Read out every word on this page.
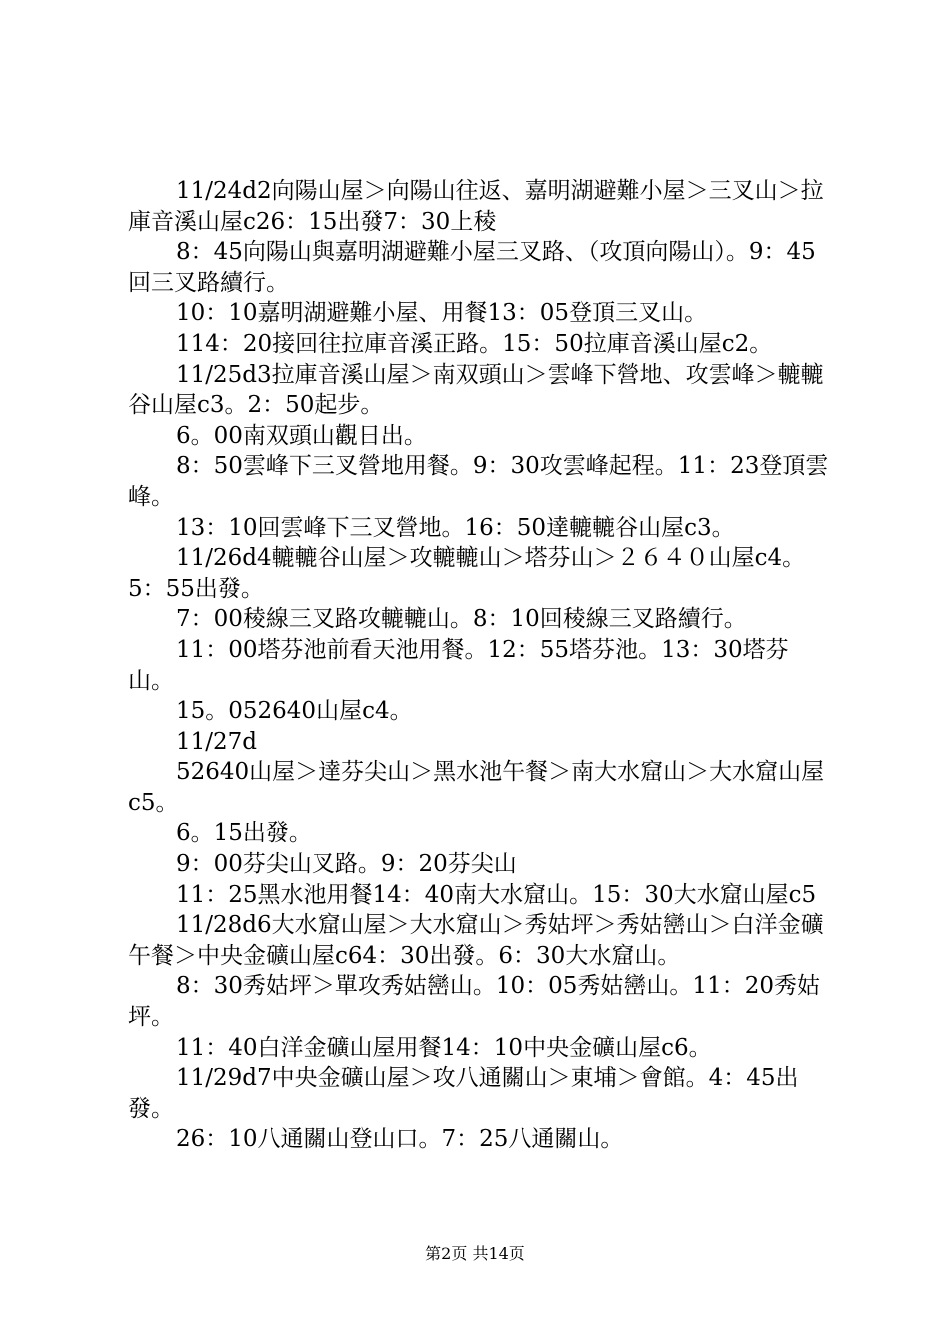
11/24d2向陽山屋＞向陽山往返、嘉明湖避難小屋＞三叉山＞拉庫音溪山屋c26：15出發7：30上稜

8：45向陽山與嘉明湖避難小屋三叉路、（攻頂向陽山）。9：45回三叉路續行。

10：10嘉明湖避難小屋、用餐13：05登頂三叉山。

114：20接回往拉庫音溪正路。15：50拉庫音溪山屋c2。

11/25d3拉庫音溪山屋＞南双頭山＞雲峰下營地、攻雲峰＞轆轆谷山屋c3。2：50起步。

6。00南双頭山觀日出。

8：50雲峰下三叉營地用餐。9：30攻雲峰起程。11：23登頂雲峰。

13：10回雲峰下三叉營地。16：50達轆轆谷山屋c3。

11/26d4轆轆谷山屋＞攻轆轆山＞塔芬山＞２６４０山屋c4。5：55出發。

7：00稜線三叉路攻轆轆山。8：10回稜線三叉路續行。

11：00塔芬池前看天池用餐。12：55塔芬池。13：30塔芬山。

15。052640山屋c4。

11/27d

52640山屋＞達芬尖山＞黑水池午餐＞南大水窟山＞大水窟山屋c5。

6。15出發。

9：00芬尖山叉路。9：20芬尖山

11：25黑水池用餐14：40南大水窟山。15：30大水窟山屋c5

11/28d6大水窟山屋＞大水窟山＞秀姑坪＞秀姑巒山＞白洋金礦午餐＞中央金礦山屋c64：30出發。6：30大水窟山。

8：30秀姑坪＞單攻秀姑巒山。10：05秀姑巒山。11：20秀姑坪。

11：40白洋金礦山屋用餐14：10中央金礦山屋c6。

11/29d7中央金礦山屋＞攻八通關山＞東埔＞會館。4：45出發。

26：10八通關山登山口。7：25八通關山。

第2页 共14页
